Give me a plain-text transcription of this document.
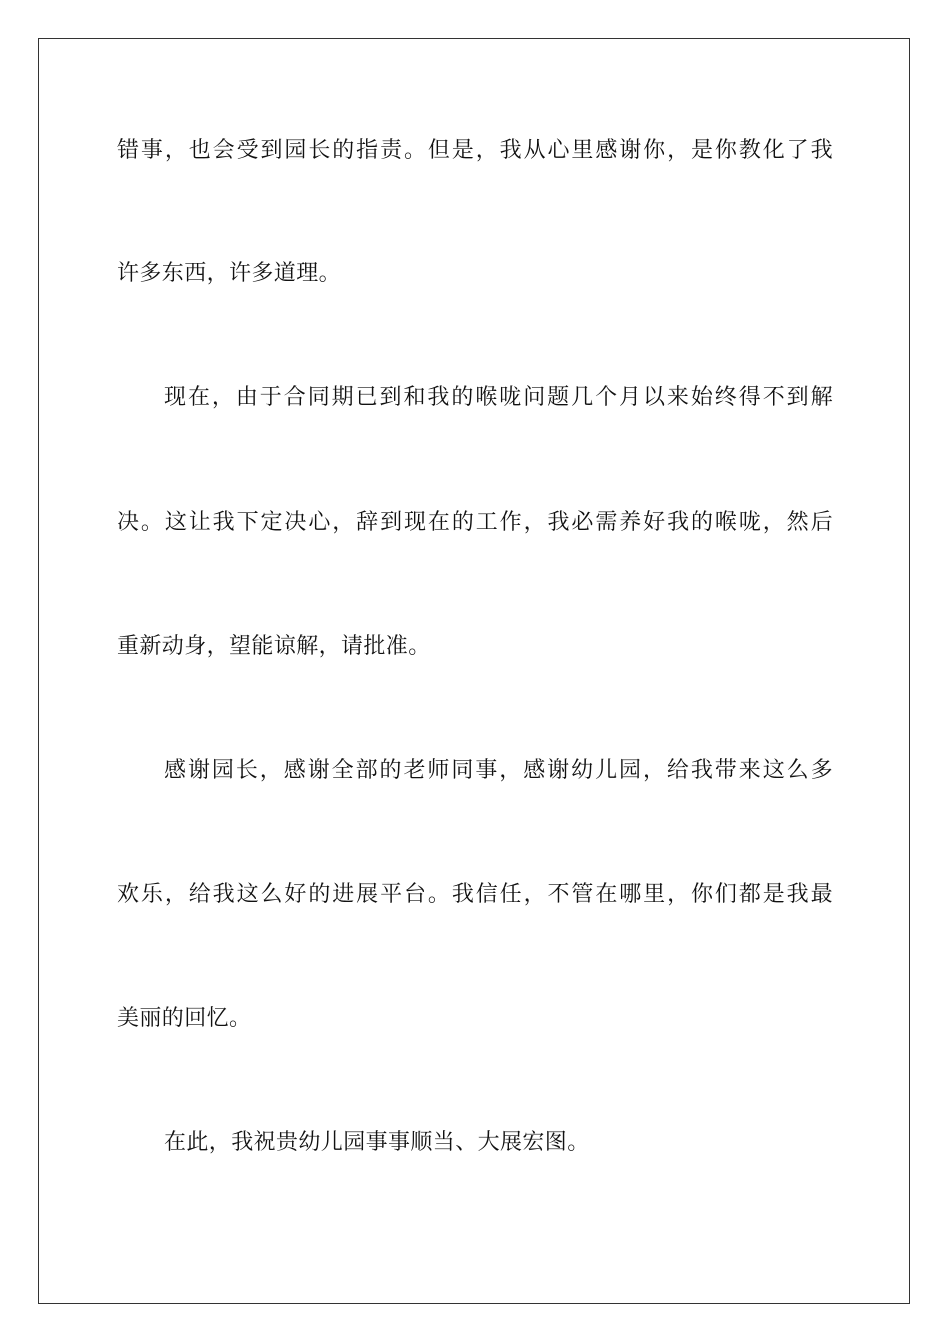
错事，也会受到园长的指责。但是，我从心里感谢你，是你教化了我
许多东西，许多道理。
现在，由于合同期已到和我的喉咙问题几个月以来始终得不到解
决。这让我下定决心，辞到现在的工作，我必需养好我的喉咙，然后
重新动身，望能谅解，请批准。
感谢园长，感谢全部的老师同事，感谢幼儿园，给我带来这么多
欢乐，给我这么好的进展平台。我信任，不管在哪里，你们都是我最
美丽的回忆。
在此，我祝贵幼儿园事事顺当、大展宏图。
